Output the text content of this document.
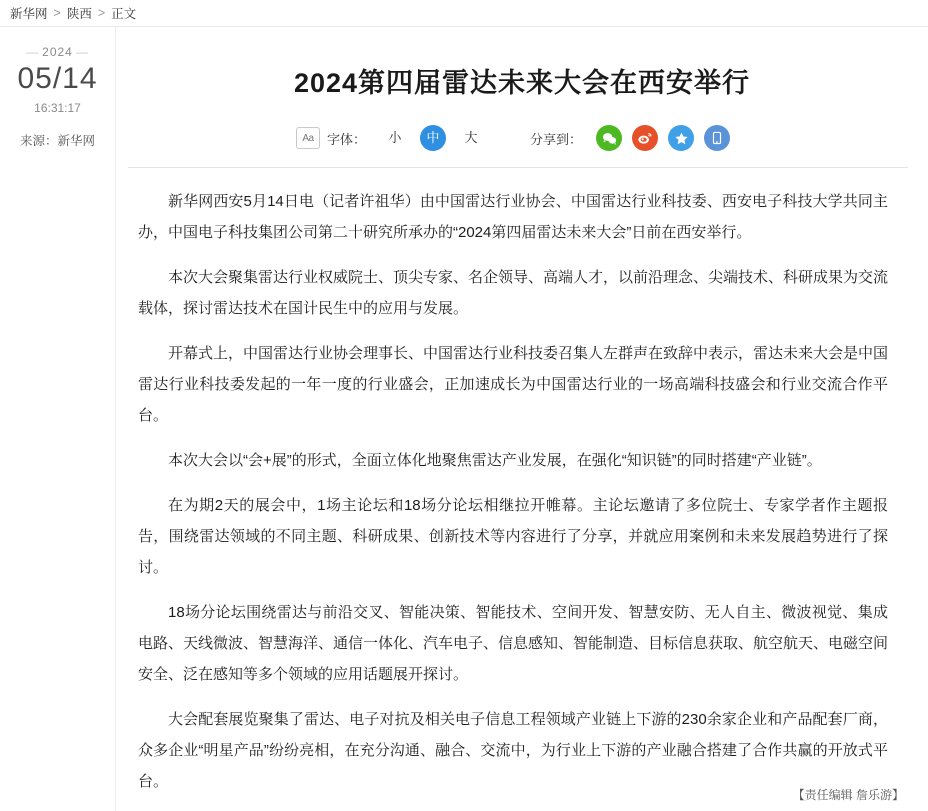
新华网 > 陕西 > 正文
— 2024 —
05/14
16:31:17
来源：新华网
2024第四届雷达未来大会在西安举行
Aa	字体：	小	中	大	分享到：

新华网西安5月14日电（记者许祖华）由中国雷达行业协会、中国雷达行业科技委、西安电子科技大学共同主办，中国电子科技集团公司第二十研究所承办的“2024第四届雷达未来大会”日前在西安举行。

本次大会聚集雷达行业权威院士、顶尖专家、名企领导、高端人才，以前沿理念、尖端技术、科研成果为交流载体，探讨雷达技术在国计民生中的应用与发展。

开幕式上，中国雷达行业协会理事长、中国雷达行业科技委召集人左群声在致辞中表示，雷达未来大会是中国雷达行业科技委发起的一年一度的行业盛会，正加速成长为中国雷达行业的一场高端科技盛会和行业交流合作平台。

本次大会以“会+展”的形式，全面立体化地聚焦雷达产业发展，在强化“知识链”的同时搭建“产业链”。

在为期2天的展会中，1场主论坛和18场分论坛相继拉开帷幕。主论坛邀请了多位院士、专家学者作主题报告，围绕雷达领域的不同主题、科研成果、创新技术等内容进行了分享，并就应用案例和未来发展趋势进行了探讨。

18场分论坛围绕雷达与前沿交叉、智能决策、智能技术、空间开发、智慧安防、无人自主、微波视觉、集成电路、天线微波、智慧海洋、通信一体化、汽车电子、信息感知、智能制造、目标信息获取、航空航天、电磁空间安全、泛在感知等多个领域的应用话题展开探讨。

大会配套展览聚集了雷达、电子对抗及相关电子信息工程领域产业链上下游的230余家企业和产品配套厂商，众多企业“明星产品”纷纷亮相，在充分沟通、融合、交流中，为行业上下游的产业融合搭建了合作共赢的开放式平台。

【责任编辑 詹乐游】
